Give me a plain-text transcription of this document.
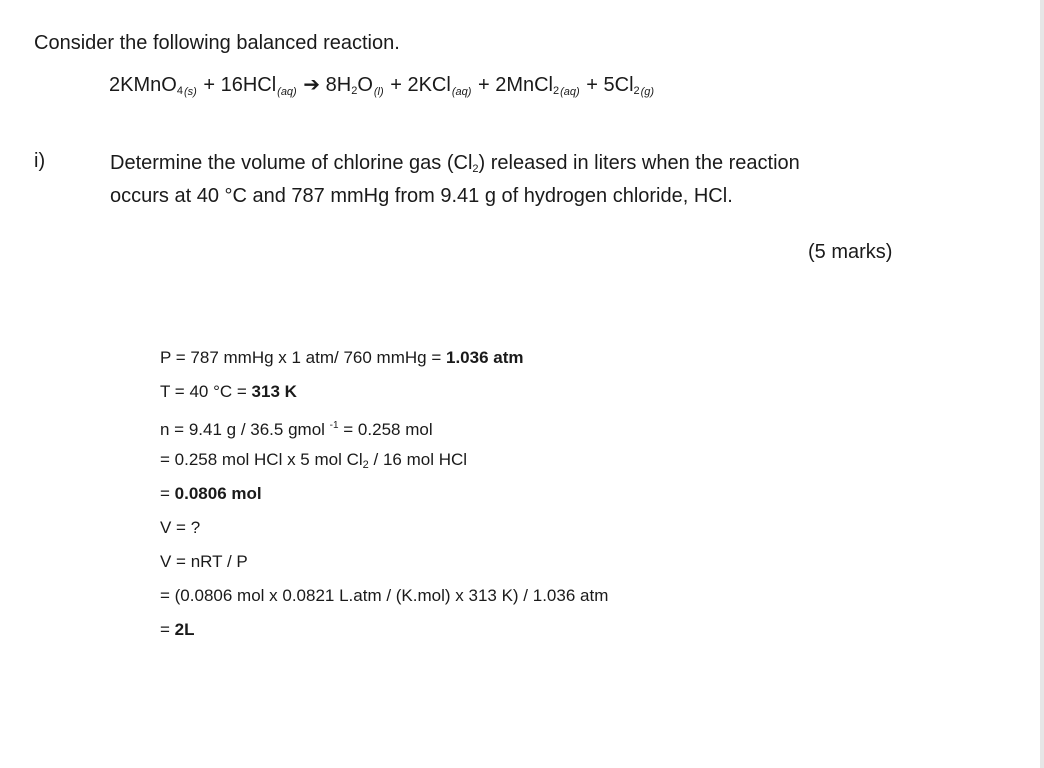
Consider the following balanced reaction.
2KMnO$_{4(s)}$ + 16HCl$_{(aq)}$ ➔ $8H_2O_{(l)} + 2KCl_{(aq)}$ + 2MnCl$_{2(aq)}$ + $5Cl_{2(g)}$
i)	Determine the volume of chlorine gas $(Cl_2)$ released in liters when the reaction
occurs at 40 °C and 787 mmHg from 9.41 g of hydrogen chloride, HCl.
(5 marks)
P = 787 mmHg x 1 atm/ 760 mmHg = 1.036 atm
T = 40 °C = 313 K
n = 9.41 g / 36.5 gmol $^{-1}$ = 0.258 mol
= 0.258 mol HCl x 5 mol $Cl_2 / 16$ mol HCl
= 0.0806 mol
V = ?
V = nRT / P
= (0.0806 mol x 0.0821 L.atm / (K.mol) x 313 K) / 1.036 atm
= 2L
